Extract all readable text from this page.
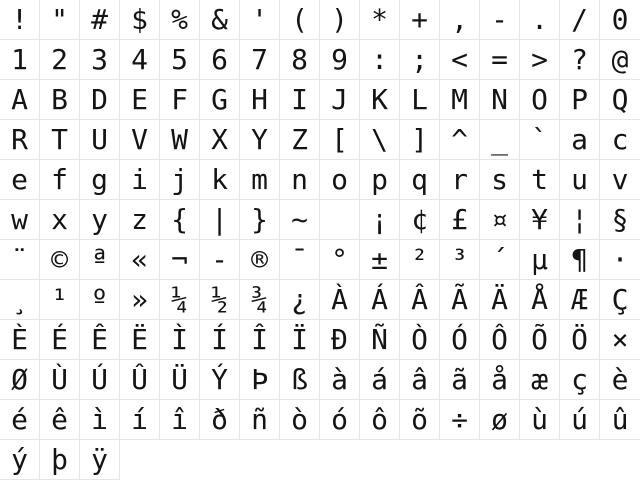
! " # $ % & ' ( ) * + , - . / 0
1 2 3 4 5 6 7 8 9 : ; < = > ? @
A B D E F G H I J K L M N O P Q
R T U V W X Y Z [ \ ] ^ _ ` a c
e f g i j k m n o p q r s t u v
w x y z { | } ~	¡ ¢ £ ¤ ¥ ¦ §
¨ © ª « ¬ - ® ¯ ° ± ² ³ ´ µ ¶ ·
¸ ¹ º » ¼ ½ ¾ ¿ À Á Â Ã Ä Å Æ Ç
È É Ê Ë Ì Í Î Ï Ð Ñ Ò Ó Ô Õ Ö ×
Ø Ù Ú Û Ü Ý Þ ß à á â ã å æ ç è
é ê ì í î ð ñ ò ó ô õ ÷ ø ù ú û
ý þ ÿ
